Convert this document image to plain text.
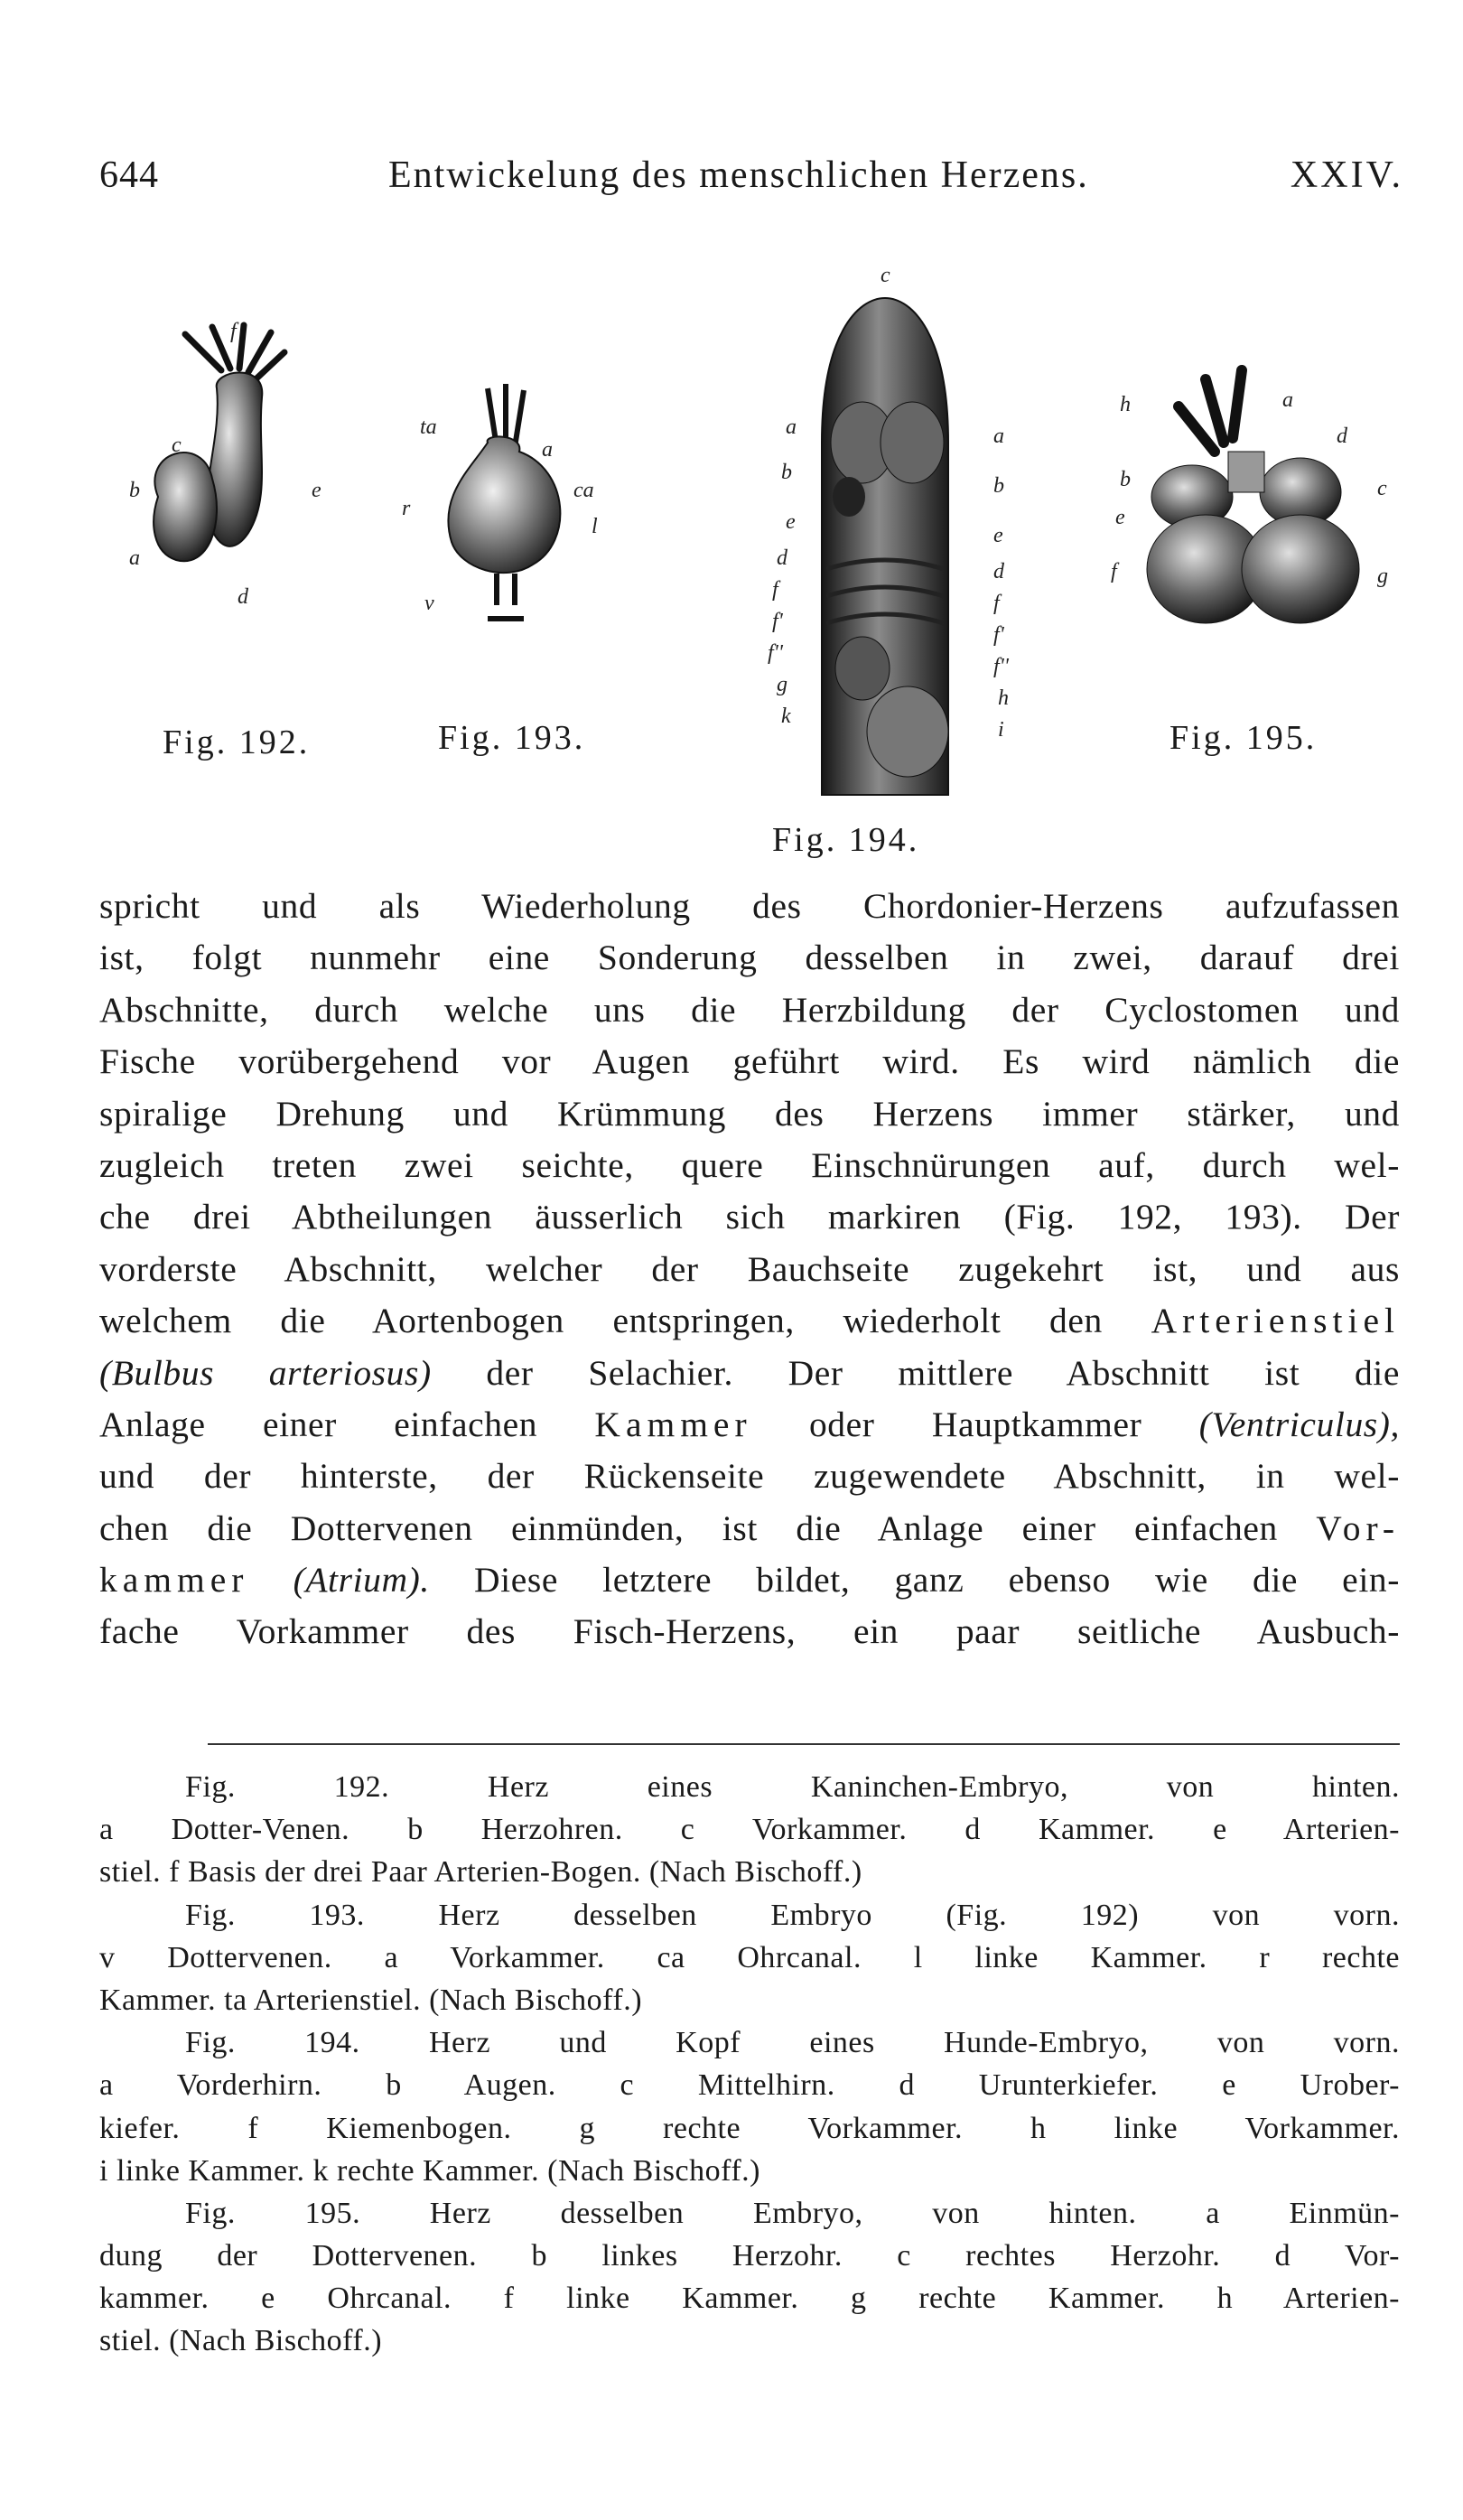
644	Entwickelung des menschlichen Herzens.	XXIV.
f
c
b	e
a
d
Fig. 192.
ta
a
ca
r
l
v
Fig. 193.
c
a	a
b
b
e
e
d
d
f
f
f'
f'
f''
f''
g
h
k
i
Fig. 194.
h	a
d
b	c
e
f	g
Fig. 195.
spricht und als Wiederholung des Chordonier-Herzens aufzufassen
ist, folgt nunmehr eine Sonderung desselben in zwei, darauf drei
Abschnitte, durch welche uns die Herzbildung der Cyclostomen und
Fische vorübergehend vor Augen geführt wird. Es wird nämlich die
spiralige Drehung und Krümmung des Herzens immer stärker, und
zugleich treten zwei seichte, quere Einschnürungen auf, durch wel-
che drei Abtheilungen äusserlich sich markiren (Fig. 192, 193). Der
vorderste Abschnitt, welcher der Bauchseite zugekehrt ist, und aus
welchem die Aortenbogen entspringen, wiederholt den Arterienstiel
(Bulbus arteriosus) der Selachier. Der mittlere Abschnitt ist die
Anlage einer einfachen Kammer oder Hauptkammer (Ventriculus),
und der hinterste, der Rückenseite zugewendete Abschnitt, in wel-
chen die Dottervenen einmünden, ist die Anlage einer einfachen Vor-
kammer (Atrium). Diese letztere bildet, ganz ebenso wie die ein-
fache Vorkammer des Fisch-Herzens, ein paar seitliche Ausbuch-
Fig. 192. Herz eines Kaninchen-Embryo, von hinten.
a Dotter-Venen. b Herzohren. c Vorkammer. d Kammer. e Arterien-
stiel. f Basis der drei Paar Arterien-Bogen. (Nach Bischoff.)
Fig. 193. Herz desselben Embryo (Fig. 192) von vorn.
v Dottervenen. a Vorkammer. ca Ohrcanal. l linke Kammer. r rechte
Kammer. ta Arterienstiel. (Nach Bischoff.)
Fig. 194. Herz und Kopf eines Hunde-Embryo, von vorn.
a Vorderhirn. b Augen. c Mittelhirn. d Urunterkiefer. e Urober-
kiefer. f Kiemenbogen. g rechte Vorkammer. h linke Vorkammer.
i linke Kammer. k rechte Kammer. (Nach Bischoff.)
Fig. 195. Herz desselben Embryo, von hinten. a Einmün-
dung der Dottervenen. b linkes Herzohr. c rechtes Herzohr. d Vor-
kammer. e Ohrcanal. f linke Kammer. g rechte Kammer. h Arterien-
stiel. (Nach Bischoff.)
